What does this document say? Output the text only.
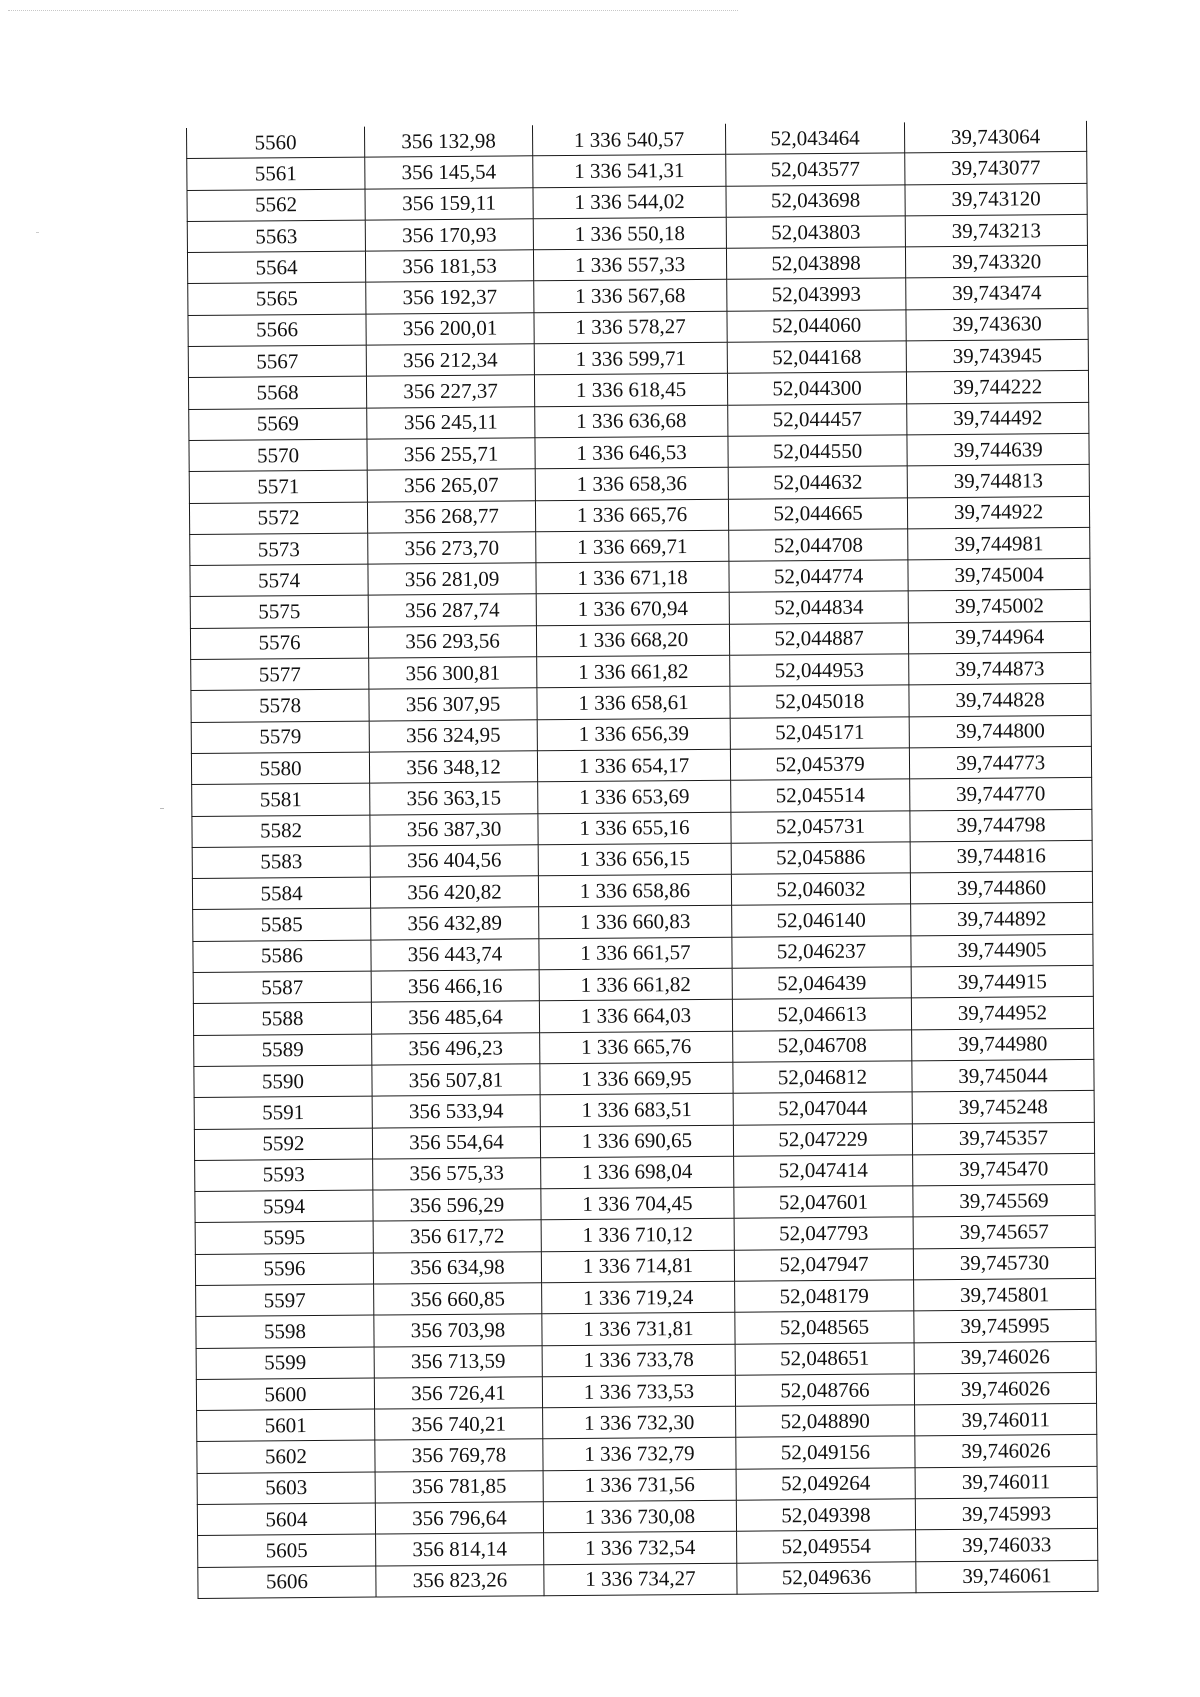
5560	356 132,98	1 336 540,57	52,043464	39,743064
5561	356 145,54	1 336 541,31	52,043577	39,743077
5562	356 159,11	1 336 544,02	52,043698	39,743120
5563	356 170,93	1 336 550,18	52,043803	39,743213
5564	356 181,53	1 336 557,33	52,043898	39,743320
5565	356 192,37	1 336 567,68	52,043993	39,743474
5566	356 200,01	1 336 578,27	52,044060	39,743630
5567	356 212,34	1 336 599,71	52,044168	39,743945
5568	356 227,37	1 336 618,45	52,044300	39,744222
5569	356 245,11	1 336 636,68	52,044457	39,744492
5570	356 255,71	1 336 646,53	52,044550	39,744639
5571	356 265,07	1 336 658,36	52,044632	39,744813
5572	356 268,77	1 336 665,76	52,044665	39,744922
5573	356 273,70	1 336 669,71	52,044708	39,744981
5574	356 281,09	1 336 671,18	52,044774	39,745004
5575	356 287,74	1 336 670,94	52,044834	39,745002
5576	356 293,56	1 336 668,20	52,044887	39,744964
5577	356 300,81	1 336 661,82	52,044953	39,744873
5578	356 307,95	1 336 658,61	52,045018	39,744828
5579	356 324,95	1 336 656,39	52,045171	39,744800
5580	356 348,12	1 336 654,17	52,045379	39,744773
5581	356 363,15	1 336 653,69	52,045514	39,744770
5582	356 387,30	1 336 655,16	52,045731	39,744798
5583	356 404,56	1 336 656,15	52,045886	39,744816
5584	356 420,82	1 336 658,86	52,046032	39,744860
5585	356 432,89	1 336 660,83	52,046140	39,744892
5586	356 443,74	1 336 661,57	52,046237	39,744905
5587	356 466,16	1 336 661,82	52,046439	39,744915
5588	356 485,64	1 336 664,03	52,046613	39,744952
5589	356 496,23	1 336 665,76	52,046708	39,744980
5590	356 507,81	1 336 669,95	52,046812	39,745044
5591	356 533,94	1 336 683,51	52,047044	39,745248
5592	356 554,64	1 336 690,65	52,047229	39,745357
5593	356 575,33	1 336 698,04	52,047414	39,745470
5594	356 596,29	1 336 704,45	52,047601	39,745569
5595	356 617,72	1 336 710,12	52,047793	39,745657
5596	356 634,98	1 336 714,81	52,047947	39,745730
5597	356 660,85	1 336 719,24	52,048179	39,745801
5598	356 703,98	1 336 731,81	52,048565	39,745995
5599	356 713,59	1 336 733,78	52,048651	39,746026
5600	356 726,41	1 336 733,53	52,048766	39,746026
5601	356 740,21	1 336 732,30	52,048890	39,746011
5602	356 769,78	1 336 732,79	52,049156	39,746026
5603	356 781,85	1 336 731,56	52,049264	39,746011
5604	356 796,64	1 336 730,08	52,049398	39,745993
5605	356 814,14	1 336 732,54	52,049554	39,746033
5606	356 823,26	1 336 734,27	52,049636	39,746061
